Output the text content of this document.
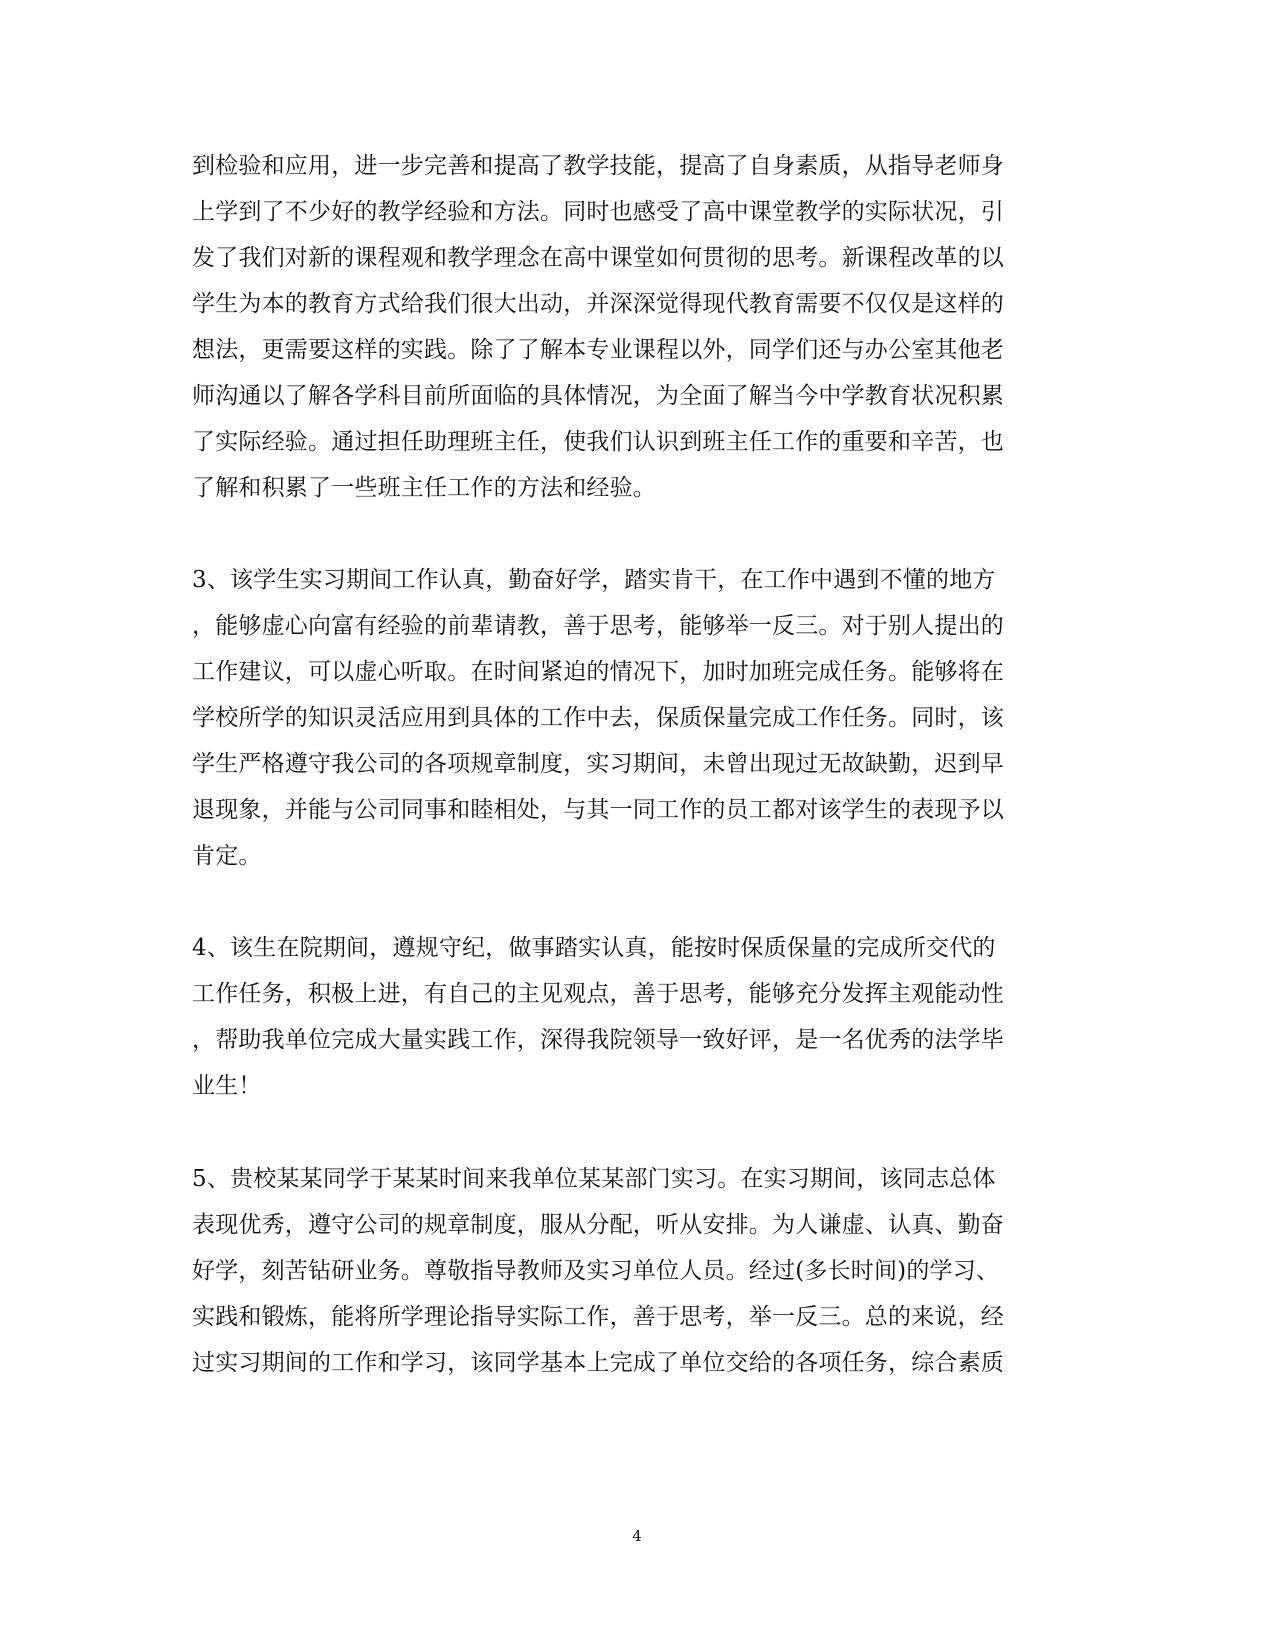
到检验和应用，进一步完善和提高了教学技能，提高了自身素质，从指导老师身
上学到了不少好的教学经验和方法。同时也感受了高中课堂教学的实际状况，引
发了我们对新的课程观和教学理念在高中课堂如何贯彻的思考。新课程改革的以
学生为本的教育方式给我们很大出动，并深深觉得现代教育需要不仅仅是这样的
想法，更需要这样的实践。除了了解本专业课程以外，同学们还与办公室其他老
师沟通以了解各学科目前所面临的具体情况，为全面了解当今中学教育状况积累
了实际经验。通过担任助理班主任，使我们认识到班主任工作的重要和辛苦，也
了解和积累了一些班主任工作的方法和经验。
3、该学生实习期间工作认真，勤奋好学，踏实肯干，在工作中遇到不懂的地方
，能够虚心向富有经验的前辈请教，善于思考，能够举一反三。对于别人提出的
工作建议，可以虚心听取。在时间紧迫的情况下，加时加班完成任务。能够将在
学校所学的知识灵活应用到具体的工作中去，保质保量完成工作任务。同时，该
学生严格遵守我公司的各项规章制度，实习期间，未曾出现过无故缺勤，迟到早
退现象，并能与公司同事和睦相处，与其一同工作的员工都对该学生的表现予以
肯定。
4、该生在院期间，遵规守纪，做事踏实认真，能按时保质保量的完成所交代的
工作任务，积极上进，有自己的主见观点，善于思考，能够充分发挥主观能动性
，帮助我单位完成大量实践工作，深得我院领导一致好评，是一名优秀的法学毕
业生！
5、贵校某某同学于某某时间来我单位某某部门实习。在实习期间，该同志总体
表现优秀，遵守公司的规章制度，服从分配，听从安排。为人谦虚、认真、勤奋
好学，刻苦钻研业务。尊敬指导教师及实习单位人员。经过(多长时间)的学习、
实践和锻炼，能将所学理论指导实际工作，善于思考，举一反三。总的来说，经
过实习期间的工作和学习，该同学基本上完成了单位交给的各项任务，综合素质
4
